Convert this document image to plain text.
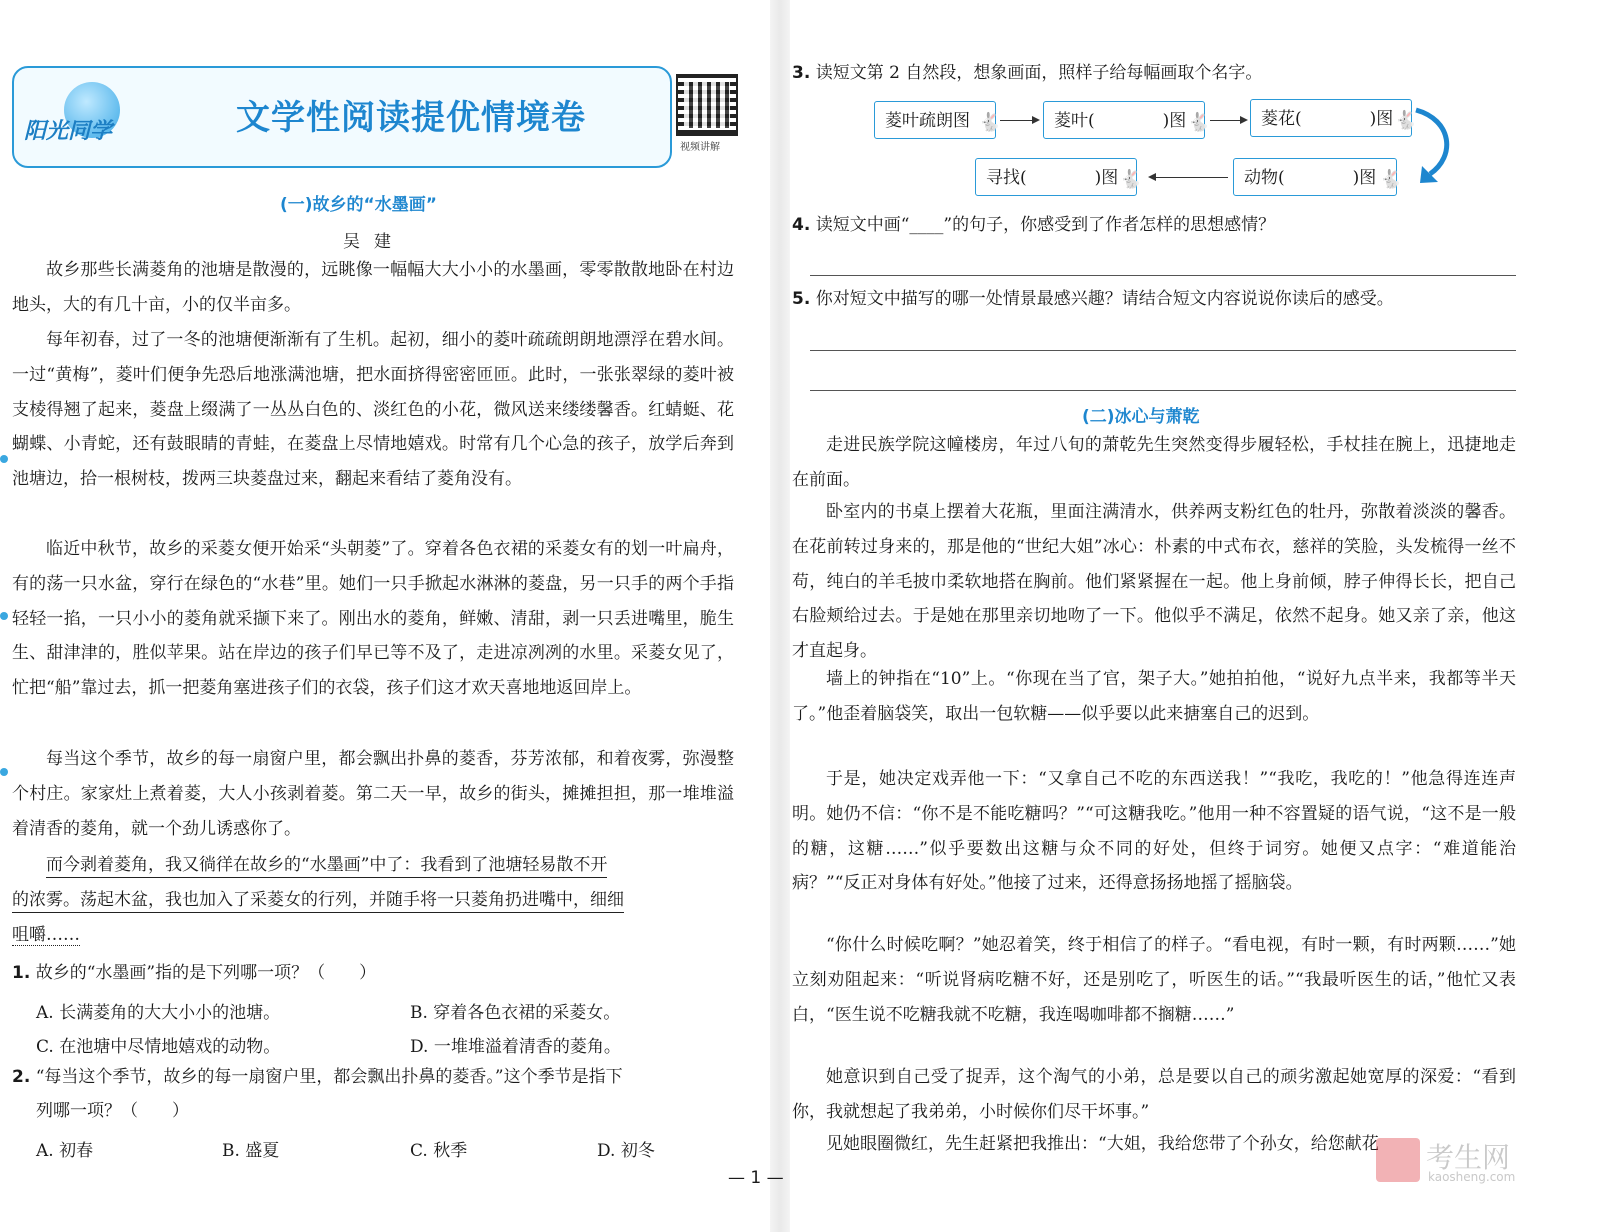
阳光同学	文学性阅读提优情境卷
视频讲解
(一)故乡的“水墨画”
吴建

故乡那些长满菱角的池塘是散漫的，远眺像一幅幅大大小小的水墨画，零零散散地卧在村边地头，大的有几十亩，小的仅半亩多。

每年初春，过了一冬的池塘便渐渐有了生机。起初，细小的菱叶疏疏朗朗地漂浮在碧水间。一过“黄梅”，菱叶们便争先恐后地涨满池塘，把水面挤得密密匝匝。此时，一张张翠绿的菱叶被支棱得翘了起来，菱盘上缀满了一丛丛白色的、淡红色的小花，微风送来缕缕馨香。红蜻蜓、花蝴蝶、小青蛇，还有鼓眼睛的青蛙，在菱盘上尽情地嬉戏。时常有几个心急的孩子，放学后奔到池塘边，拾一根树枝，拨两三块菱盘过来，翻起来看结了菱角没有。

临近中秋节，故乡的采菱女便开始采“头朝菱”了。穿着各色衣裙的采菱女有的划一叶扁舟，有的荡一只水盆，穿行在绿色的“水巷”里。她们一只手掀起水淋淋的菱盘，另一只手的两个手指轻轻一掐，一只小小的菱角就采撷下来了。刚出水的菱角，鲜嫩、清甜，剥一只丢进嘴里，脆生生、甜津津的，胜似苹果。站在岸边的孩子们早已等不及了，走进凉冽冽的水里。采菱女见了，忙把“船”靠过去，抓一把菱角塞进孩子们的衣袋，孩子们这才欢天喜地地返回岸上。

每当这个季节，故乡的每一扇窗户里，都会飘出扑鼻的菱香，芬芳浓郁，和着夜雾，弥漫整个村庄。家家灶上煮着菱，大人小孩剥着菱。第二天一早，故乡的街头，摊摊担担，那一堆堆溢着清香的菱角，就一个劲儿诱惑你了。

而今剥着菱角，我又徜徉在故乡的“水墨画”中了：我看到了池塘轻易散不开
的浓雾。荡起木盆，我也加入了采菱女的行列，并随手将一只菱角扔进嘴中，细细
咀嚼……
1. 故乡的“水墨画”指的是下列哪一项？（　　）
A. 长满菱角的大大小小的池塘。	B. 穿着各色衣裙的采菱女。
C. 在池塘中尽情地嬉戏的动物。	D. 一堆堆溢着清香的菱角。
2. “每当这个季节，故乡的每一扇窗户里，都会飘出扑鼻的菱香。”这个季节是指下
列哪一项？（　　）
A. 初春	B. 盛夏	C. 秋季	D. 初冬
3. 读短文第 2 自然段，想象画面，照样子给每幅画取个名字。
菱叶疏朗图 🐇	菱叶(　　　　)图 🐇	菱花(　　　　)图 🐇
动物(　　　　)图 🐇
寻找(　　　　)图 🐇
4. 读短文中画“____”的句子，你感受到了作者怎样的思想感情？
5. 你对短文中描写的哪一处情景最感兴趣？请结合短文内容说说你读后的感受。
(二)冰心与萧乾

走进民族学院这幢楼房，年过八旬的萧乾先生突然变得步履轻松，手杖挂在腕上，迅捷地走在前面。

卧室内的书桌上摆着大花瓶，里面注满清水，供养两支粉红色的牡丹，弥散着淡淡的馨香。在花前转过身来的，那是他的“世纪大姐”冰心：朴素的中式布衣，慈祥的笑脸，头发梳得一丝不苟，纯白的羊毛披巾柔软地搭在胸前。他们紧紧握在一起。他上身前倾，脖子伸得长长，把自己右脸颊给过去。于是她在那里亲切地吻了一下。他似乎不满足，依然不起身。她又亲了亲，他这才直起身。

墙上的钟指在“10”上。“你现在当了官，架子大。”她拍拍他，“说好九点半来，我都等半天了。”他歪着脑袋笑，取出一包软糖——似乎要以此来搪塞自己的迟到。

于是，她决定戏弄他一下：“又拿自己不吃的东西送我！”“我吃，我吃的！”他急得连连声明。她仍不信：“你不是不能吃糖吗？”“可这糖我吃。”他用一种不容置疑的语气说，“这不是一般的糖，这糖……”似乎要数出这糖与众不同的好处，但终于词穷。她便又点字：“难道能治病？”“反正对身体有好处。”他接了过来，还得意扬扬地摇了摇脑袋。

“你什么时候吃啊？”她忍着笑，终于相信了的样子。“看电视，有时一颗，有时两颗……”她立刻劝阻起来：“听说肾病吃糖不好，还是别吃了，听医生的话。”“我最听医生的话，”他忙又表白，“医生说不吃糖我就不吃糖，我连喝咖啡都不搁糖……”

她意识到自己受了捉弄，这个淘气的小弟，总是要以自己的顽劣激起她宽厚的深爱：“看到你，我就想起了我弟弟，小时候你们尽干坏事。”

见她眼圈微红，先生赶紧把我推出：“大姐，我给您带了个孙女，给您献花

— 1 —
考生网
kaosheng.com
